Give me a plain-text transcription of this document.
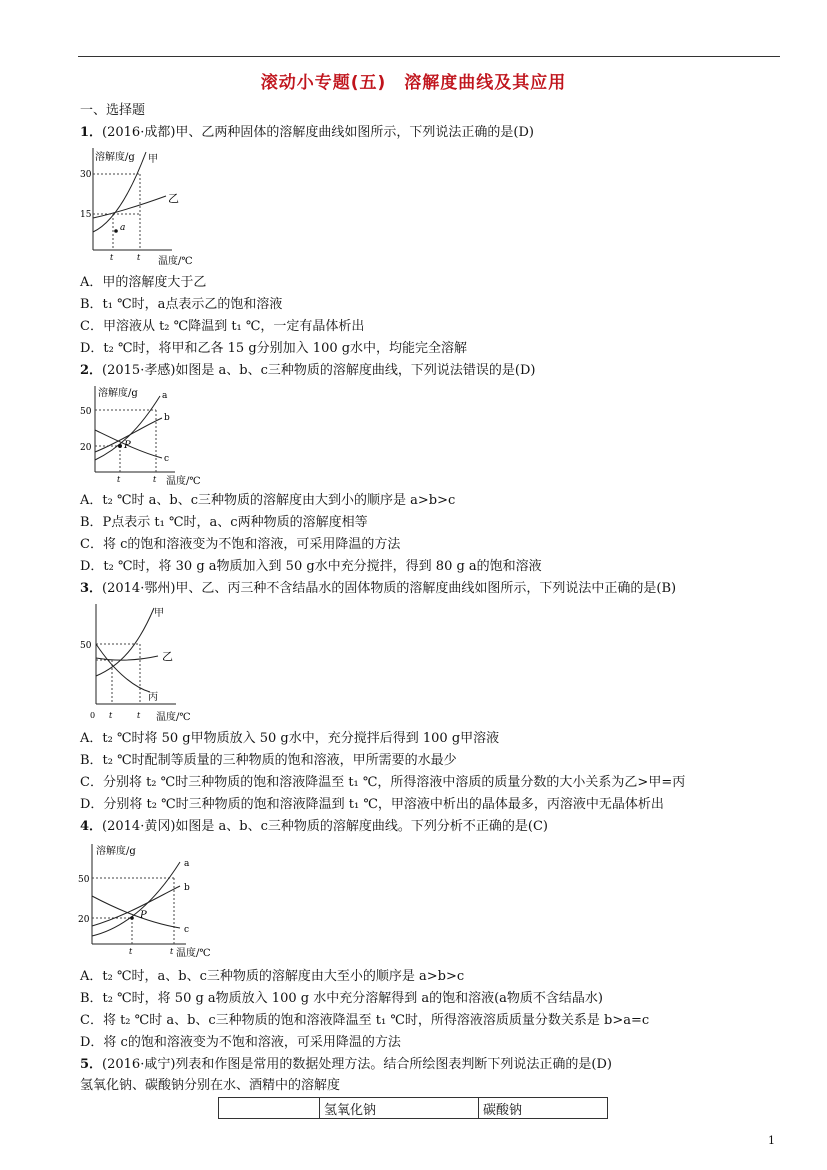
滚动小专题(五)　溶解度曲线及其应用
一、选择题
1．(2016·成都)甲、乙两种固体的溶解度曲线如图所示，下列说法正确的是(D)
溶解度/g
温度/℃
30
15
a
甲
乙
t	t
A．甲的溶解度大于乙
B．t₁ ℃时，a点表示乙的饱和溶液
C．甲溶液从 t₂ ℃降温到 t₁ ℃，一定有晶体析出
D．t₂ ℃时，将甲和乙各 15 g分别加入 100 g水中，均能完全溶解
2．(2015·孝感)如图是 a、b、c三种物质的溶解度曲线，下列说法错误的是(D)
溶解度/g
温度/℃
50
20	P
a
b
c
t	t
A．t₂ ℃时 a、b、c三种物质的溶解度由大到小的顺序是 a>b>c
B．P点表示 t₁ ℃时，a、c两种物质的溶解度相等
C．将 c的饱和溶液变为不饱和溶液，可采用降温的方法
D．t₂ ℃时，将 30 g a物质加入到 50 g水中充分搅拌，得到 80 g a的饱和溶液
3．(2014·鄂州)甲、乙、丙三种不含结晶水的固体物质的溶解度曲线如图所示，下列说法中正确的是(B)
温度/℃
50
0
甲
乙
丙
t	t
A．t₂ ℃时将 50 g甲物质放入 50 g水中，充分搅拌后得到 100 g甲溶液
B．t₂ ℃时配制等质量的三种物质的饱和溶液，甲所需要的水最少
C．分别将 t₂ ℃时三种物质的饱和溶液降温至 t₁ ℃，所得溶液中溶质的质量分数的大小关系为乙>甲=丙
D．分别将 t₂ ℃时三种物质的饱和溶液降温到 t₁ ℃，甲溶液中析出的晶体最多，丙溶液中无晶体析出
4．(2014·黄冈)如图是 a、b、c三种物质的溶解度曲线。下列分析不正确的是(C)
溶解度/g
温度/℃
50
20	P
a
b
c
t	t
A．t₂ ℃时，a、b、c三种物质的溶解度由大至小的顺序是 a>b>c
B．t₂ ℃时，将 50 g a物质放入 100 g 水中充分溶解得到 a的饱和溶液(a物质不含结晶水)
C．将 t₂ ℃时 a、b、c三种物质的饱和溶液降温至 t₁ ℃时，所得溶液溶质质量分数关系是 b>a=c
D．将 c的饱和溶液变为不饱和溶液，可采用降温的方法
5．(2016·咸宁)列表和作图是常用的数据处理方法。结合所绘图表判断下列说法正确的是(D)
氢氧化钠、碳酸钠分别在水、酒精中的溶解度
	氢氧化钠	碳酸钠
1
